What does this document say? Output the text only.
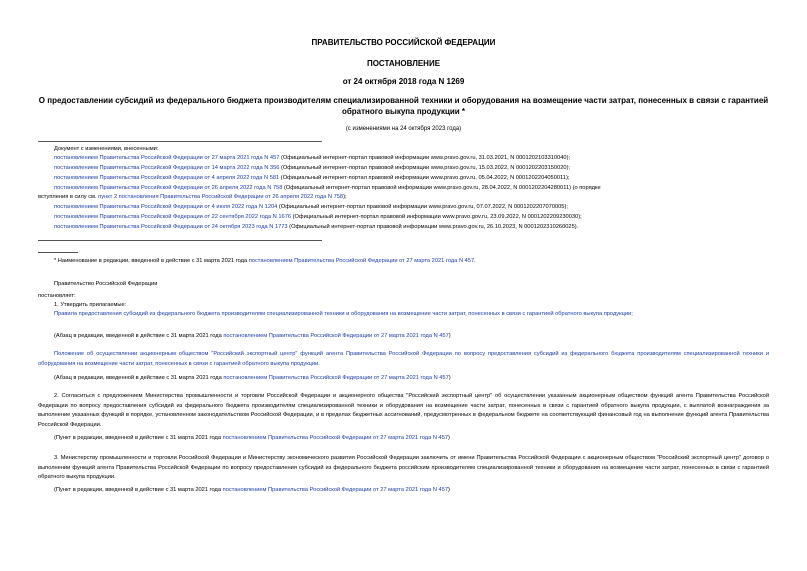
ПРАВИТЕЛЬСТВО РОССИЙСКОЙ ФЕДЕРАЦИИ
ПОСТАНОВЛЕНИЕ
от 24 октября 2018 года N 1269
О предоставлении субсидий из федерального бюджета производителям специализированной техники и оборудования на возмещение части затрат, понесенных в связи с гарантией обратного выкупа продукции *
(с изменениями на 24 октября 2023 года)
Документ с изменениями, внесенными:
постановлением Правительства Российской Федерации от 27 марта 2021 года N 457 (Официальный интернет-портал правовой информации www.pravo.gov.ru, 31.03.2021, N 0001202103310040);
постановлением Правительства Российской Федерации от 14 марта 2022 года N 356 (Официальный интернет-портал правовой информации www.pravo.gov.ru, 15.03.2022, N 0001202203150020);
постановлением Правительства Российской Федерации от 4 апреля 2022 года N 581 (Официальный интернет-портал правовой информации www.pravo.gov.ru, 05.04.2022, N 0001202204050011);
постановлением Правительства Российской Федерации от 26 апреля 2022 года N 758 (Официальный интернет-портал правовой информации www.pravo.gov.ru, 28.04.2022, N 0001202204280011) (о порядке
вступления в силу см. пункт 2 постановления Правительства Российской Федерации от 26 апреля 2022 года N 758);
постановлением Правительства Российской Федерации от 4 июля 2022 года N 1204 (Официальный интернет-портал правовой информации www.pravo.gov.ru, 07.07.2022, N 0001202207070005);
постановлением Правительства Российской Федерации от 22 сентября 2022 года N 1676 (Официальный интернет-портал правовой информации www.pravo.gov.ru, 23.09.2022, N 0001202209230030);
постановлением Правительства Российской Федерации от 24 октября 2023 года N 1773 (Официальный интернет-портал правовой информации www.pravo.gov.ru, 26.10.2023, N 0001202310260025).
* Наименование в редакции, введенной в действие с 31 марта 2021 года постановлением Правительства Российской Федерации от 27 марта 2021 года N 457.
Правительство Российской Федерации
постановляет:
1. Утвердить прилагаемые:
Правила предоставления субсидий из федерального бюджета производителям специализированной техники и оборудования на возмещение части затрат, понесенных в связи с гарантией обратного выкупа продукции;
(Абзац в редакции, введенной в действие с 31 марта 2021 года постановлением Правительства Российской Федерации от 27 марта 2021 года N 457)
Положение об осуществлении акционерным обществом "Российский экспортный центр" функций агента Правительства Российской Федерации по вопросу предоставления субсидий из федерального бюджета производителям специализированной техники и оборудования на возмещение части затрат, понесенных в связи с гарантией обратного выкупа продукции.
(Абзац в редакции, введенной в действие с 31 марта 2021 года постановлением Правительства Российской Федерации от 27 марта 2021 года N 457)
2. Согласиться с предложением Министерства промышленности и торговли Российской Федерации и акционерного общества "Российский экспортный центр" об осуществлении указанным акционерным обществом функций агента Правительства Российской Федерации по вопросу предоставления субсидий из федерального бюджета производителям специализированной техники и оборудования на возмещение части затрат, понесенных в связи с гарантией обратного выкупа продукции, с выплатой вознаграждения за выполнение указанных функций в порядке, установленном законодательством Российской Федерации, и в пределах бюджетных ассигнований, предусмотренных в федеральном бюджете на соответствующий финансовый год на выполнение функций агента Правительства Российской Федерации.
(Пункт в редакции, введенной в действие с 31 марта 2021 года постановлением Правительства Российской Федерации от 27 марта 2021 года N 457)
3. Министерству промышленности и торговли Российской Федерации и Министерству экономического развития Российской Федерации заключить от имени Правительства Российской Федерации с акционерным обществом "Российский экспортный центр" договор о выполнении функций агента Правительства Российской Федерации по вопросу предоставления субсидий из федерального бюджета российским производителям специализированной техники и оборудования на возмещение части затрат, понесенных в связи с гарантией обратного выкупа продукции.
(Пункт в редакции, введенной в действие с 31 марта 2021 года постановлением Правительства Российской Федерации от 27 марта 2021 года N 457)
